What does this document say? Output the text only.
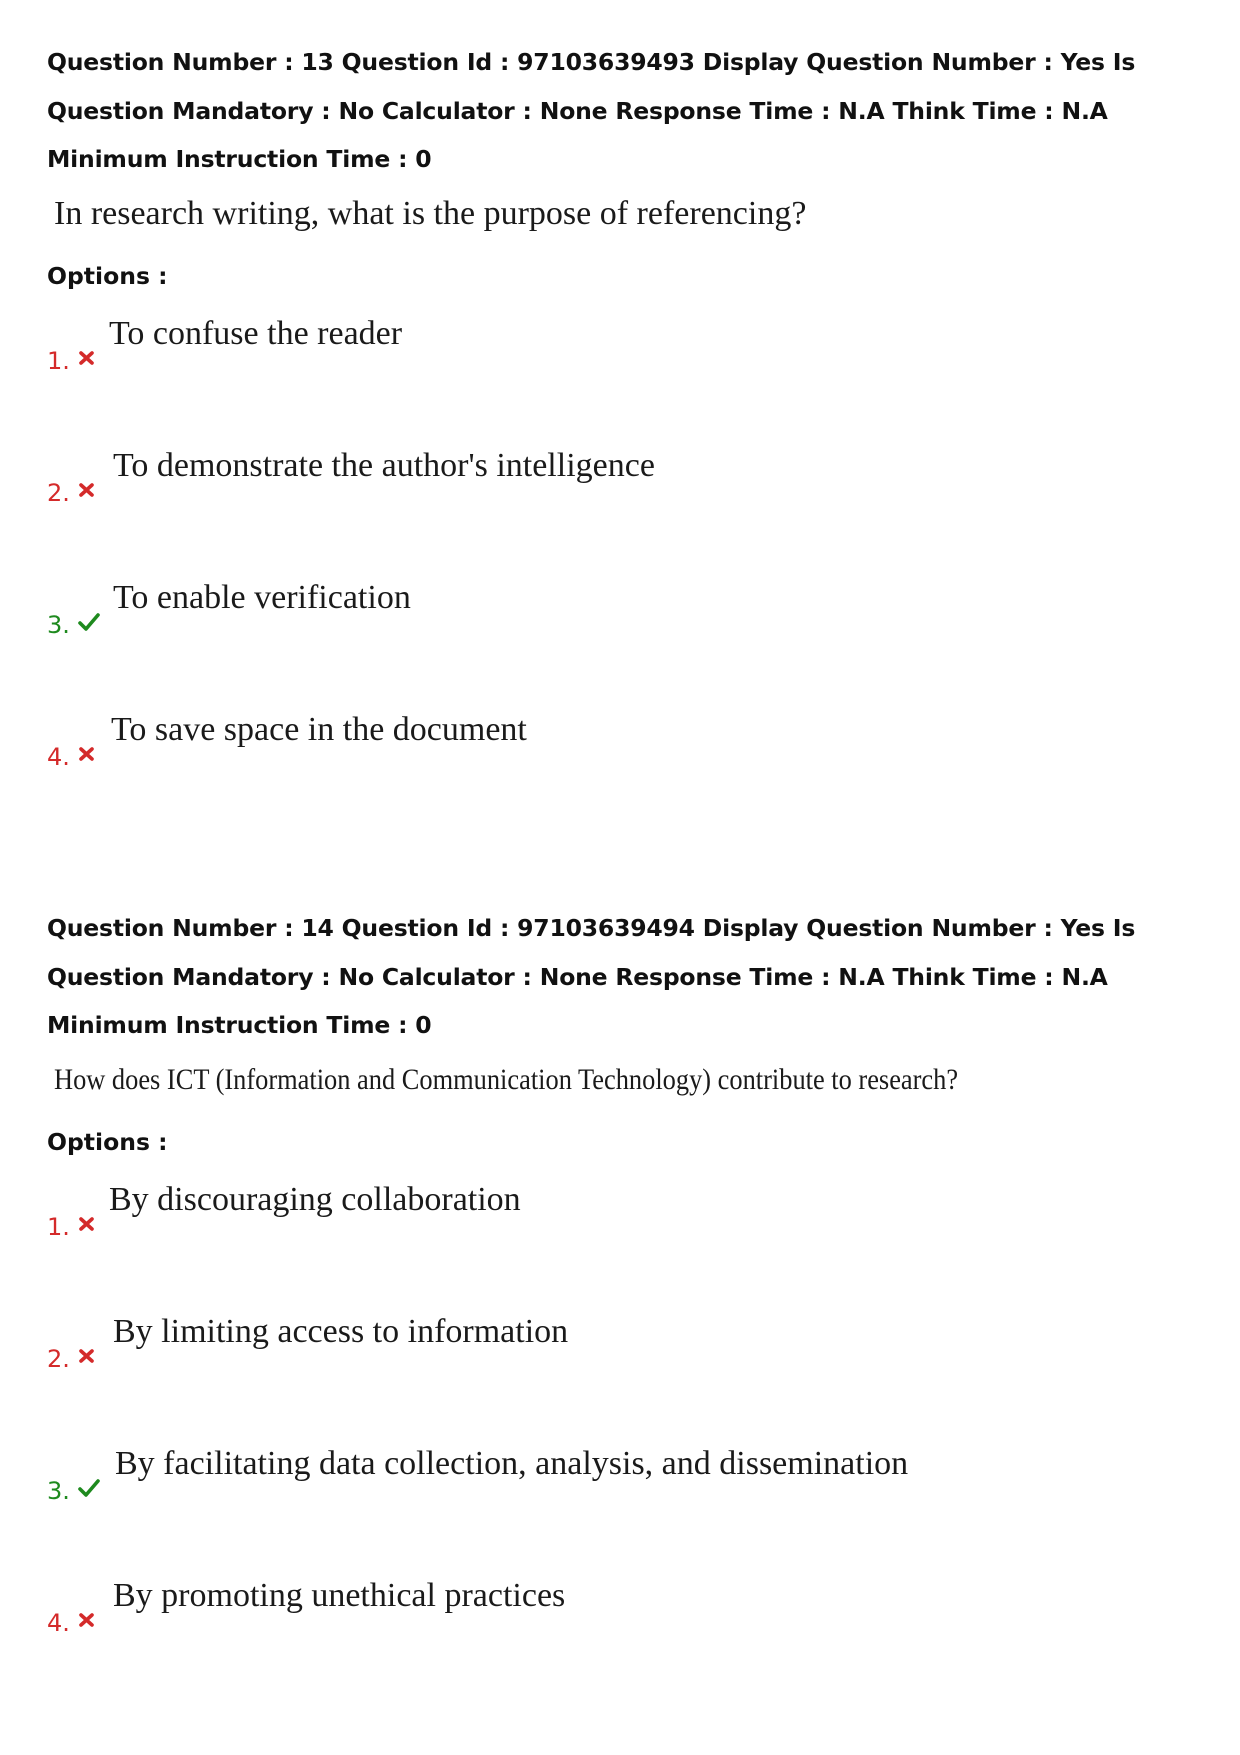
Question Number : 13 Question Id : 97103639493 Display Question Number : Yes Is Question Mandatory : No Calculator : None Response Time : N.A Think Time : N.A Minimum Instruction Time : 0

In research writing, what is the purpose of referencing?
Options :
1.
To confuse the reader
2.
To demonstrate the author's intelligence
3.
To enable verification
4.
To save space in the document

Question Number : 14 Question Id : 97103639494 Display Question Number : Yes Is Question Mandatory : No Calculator : None Response Time : N.A Think Time : N.A Minimum Instruction Time : 0

How does ICT (Information and Communication Technology) contribute to research?
Options :
1.
By discouraging collaboration
2.
By limiting access to information
3.
By facilitating data collection, analysis, and dissemination
4.
By promoting unethical practices
